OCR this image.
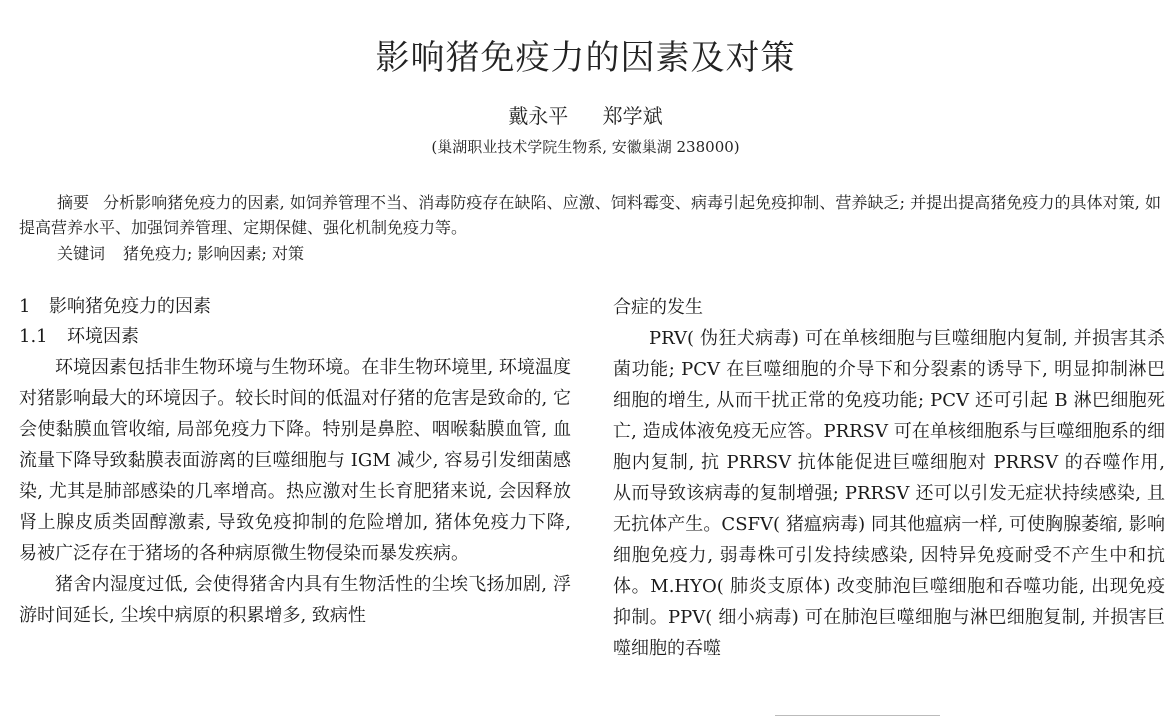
影响猪免疫力的因素及对策
戴永平 郑学斌
(巢湖职业技术学院生物系, 安徽巢湖 238000)
摘要 分析影响猪免疫力的因素, 如饲养管理不当、消毒防疫存在缺陷、应激、饲料霉变、病毒引起免疫抑制、营养缺乏; 并提出提高猪免疫力的具体对策, 如提高营养水平、加强饲养管理、定期保健、强化机制免疫力等。
关键词 猪免疫力; 影响因素; 对策
1 影响猪免疫力的因素
1.1 环境因素

环境因素包括非生物环境与生物环境。在非生物环境里, 环境温度对猪影响最大的环境因子。较长时间的低温对仔猪的危害是致命的, 它会使黏膜血管收缩, 局部免疫力下降。特别是鼻腔、咽喉黏膜血管, 血流量下降导致黏膜表面游离的巨噬细胞与 IGM 减少, 容易引发细菌感染, 尤其是肺部感染的几率增高。热应激对生长育肥猪来说, 会因释放肾上腺皮质类固醇激素, 导致免疫抑制的危险增加, 猪体免疫力下降, 易被广泛存在于猪场的各种病原微生物侵染而暴发疾病。

猪舍内湿度过低, 会使得猪舍内具有生物活性的尘埃飞扬加剧, 浮游时间延长, 尘埃中病原的积累增多, 致病性

合症的发生

PRV( 伪狂犬病毒) 可在单核细胞与巨噬细胞内复制, 并损害其杀菌功能; PCV 在巨噬细胞的介导下和分裂素的诱导下, 明显抑制淋巴细胞的增生, 从而干扰正常的免疫功能; PCV 还可引起 B 淋巴细胞死亡, 造成体液免疫无应答。PRRSV 可在单核细胞系与巨噬细胞系的细胞内复制, 抗 PRRSV 抗体能促进巨噬细胞对 PRRSV 的吞噬作用, 从而导致该病毒的复制增强; PRRSV 还可以引发无症状持续感染, 且无抗体产生。CSFV( 猪瘟病毒) 同其他瘟病一样, 可使胸腺萎缩, 影响细胞免疫力, 弱毒株可引发持续感染, 因特异免疫耐受不产生中和抗体。M.HYO( 肺炎支原体) 改变肺泡巨噬细胞和吞噬功能, 出现免疫抑制。PPV( 细小病毒) 可在肺泡巨噬细胞与淋巴细胞复制, 并损害巨噬细胞的吞噬
